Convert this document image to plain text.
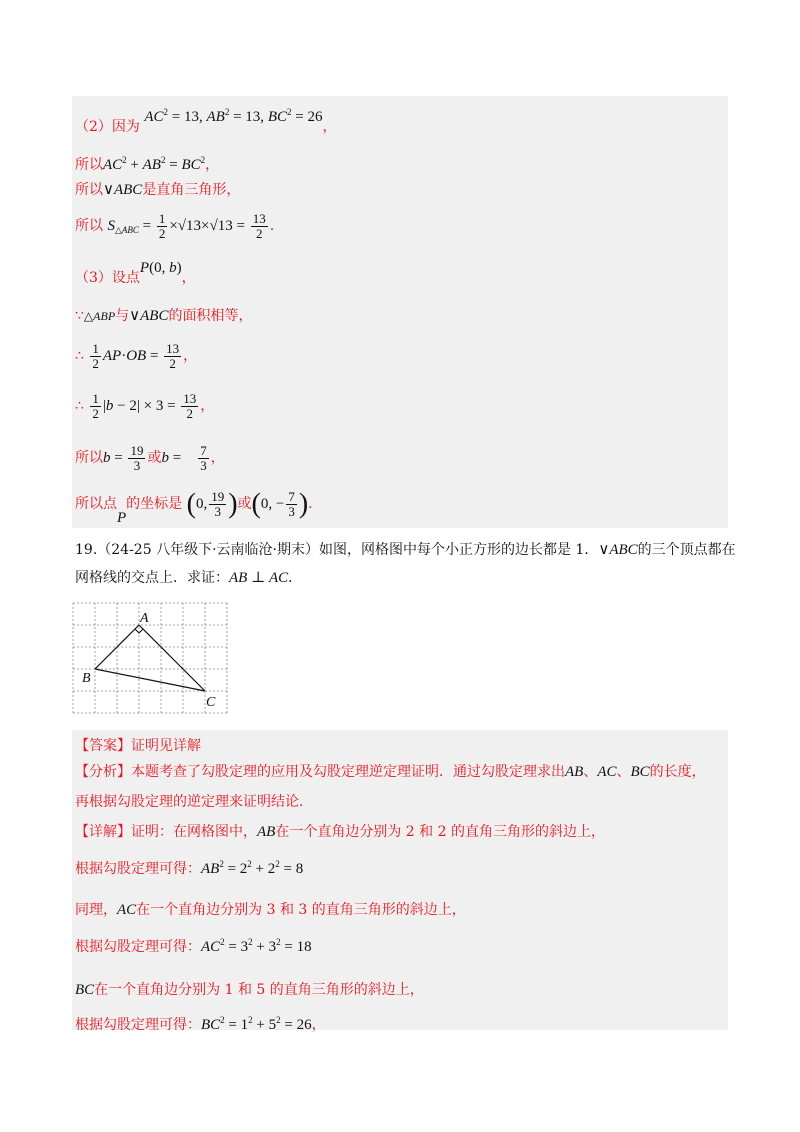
（2）因为 $AC^2 = 13$, $AB^2 = 13$, $BC^2 = 26$，
所以$AC^2 + AB^2 = BC^2$，
所以∨ABC是直角三角形，
所以 $S_{\triangle ABC} = \frac{1}{2} \times√13\times√13 = \frac{13}{2}$ .
（3）设点P(0, b)，
∵△ABP与∨ABC的面积相等，
∴ $\frac{1}{2} AP\cdot OB = \frac{13}{2}$ ，
∴ $\frac{1}{2} |b - 2| \times 3 = \frac{13}{2}$ ，
所以$b = \frac{19}{3}$ 或$b = \frac{7}{3}$ ，
所以点P的坐标是 (0, $\frac{19}{3}$ )或(0, − $\frac{7}{3}$ ).
19.（24-25 八年级下·云南临沧·期末）如图，网格图中每个小正方形的边长都是 1．∨ABC的三个顶点都在
网格线的交点上．求证：AB ⊥ AC．
A
B
C
【答案】证明见详解
【分析】本题考查了勾股定理的应用及勾股定理逆定理证明．通过勾股定理求出AB、AC、BC的长度，
再根据勾股定理的逆定理来证明结论．
【详解】证明：在网格图中，AB在一个直角边分别为 2 和 2 的直角三角形的斜边上，
根据勾股定理可得：$AB^2 = 2^2 + 2^2 = 8$
同理，AC在一个直角边分别为 3 和 3 的直角三角形的斜边上，
根据勾股定理可得：$AC^2 = 3^2 + 3^2 = 18$
BC在一个直角边分别为 1 和 5 的直角三角形的斜边上，
根据勾股定理可得：$BC^2 = 1^2 + 5^2 = 26$，
